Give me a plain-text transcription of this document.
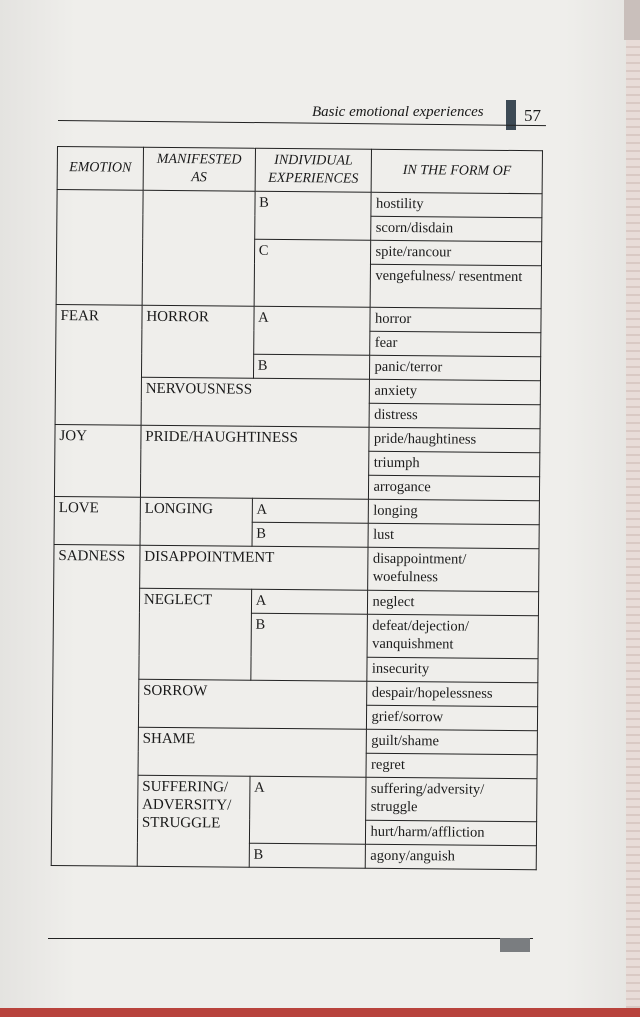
Basic emotional experiences 57
EMOTION	MANIFESTED AS	INDIVIDUAL EXPERIENCES	IN THE FORM OF
		B	hostility
			scorn/disdain
		C	spite/rancour
			vengefulness/ resentment
FEAR	HORROR	A	horror
			fear
		B	panic/terror
	NERVOUSNESS		anxiety
			distress
JOY	PRIDE/HAUGHTINESS		pride/haughtiness
			triumph
			arrogance
LOVE	LONGING	A	longing
		B	lust
SADNESS	DISAPPOINTMENT		disappointment/ woefulness
	NEGLECT	A	neglect
		B	defeat/dejection/ vanquishment
			insecurity
	SORROW		despair/hopelessness
			grief/sorrow
	SHAME		guilt/shame
			regret
	SUFFERING/ ADVERSITY/ STRUGGLE	A	suffering/adversity/ struggle
			hurt/harm/affliction
		B	agony/anguish
